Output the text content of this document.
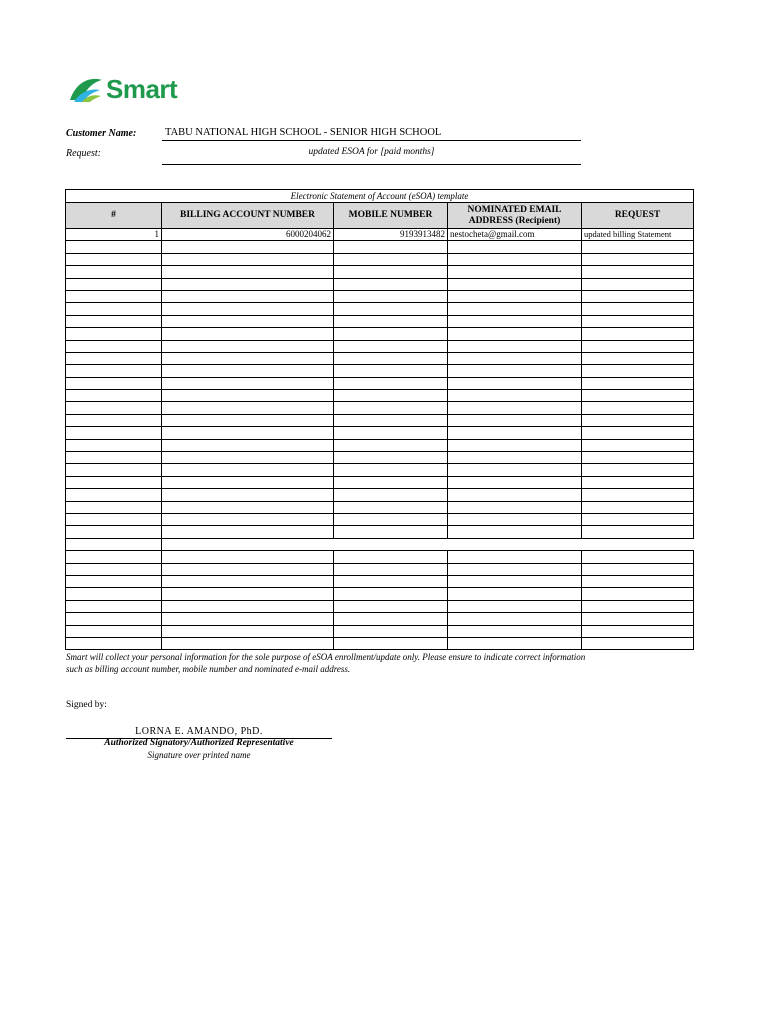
Smart
Customer Name:	TABU NATIONAL HIGH SCHOOL - SENIOR HIGH SCHOOL
Request:	updated ESOA for [paid months]
Electronic Statement of Account (eSOA) template				
#	BILLING ACCOUNT NUMBER	MOBILE NUMBER	NOMINATED EMAIL ADDRESS (Recipient)	REQUEST
1	6000204062	9193913482	nestocheta@gmail.com	updated billing Statement

Smart will collect your personal information for the sole purpose of eSOA enrollment/update only. Please ensure to indicate correct information such as billing account number, mobile number and nominated e-mail address.
Signed by:
LORNA E. AMANDO, PhD.
Authorized Signatory/Authorized Representative
Signature over printed name
